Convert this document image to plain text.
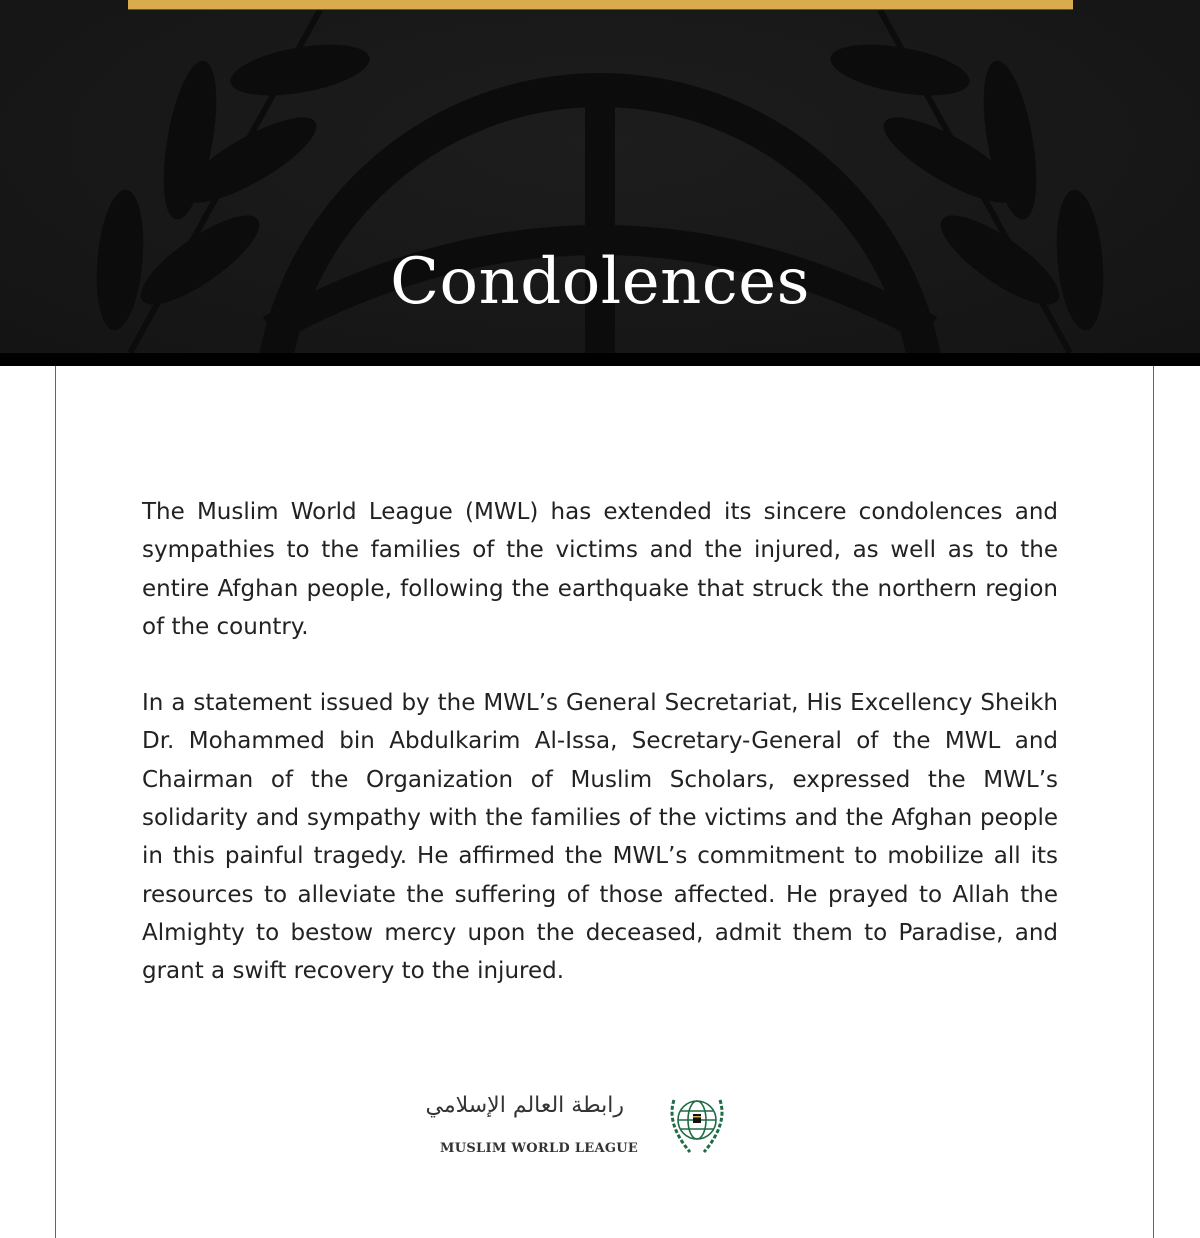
Condolences

The Muslim World League (MWL) has extended its sincere condolences and sympathies to the families of the victims and the injured, as well as to the entire Afghan people, following the earthquake that struck the northern region of the country.

In a statement issued by the MWL’s General Secretariat, His Excellency Sheikh Dr. Mohammed bin Abdulkarim Al-Issa, Secretary-General of the MWL and Chairman of the Organization of Muslim Scholars, expressed the MWL’s solidarity and sympathy with the families of the victims and the Afghan people in this painful tragedy. He affirmed the MWL’s commitment to mobilize all its resources to alleviate the suffering of those affected. He prayed to Allah the Almighty to bestow mercy upon the deceased, admit them to Paradise, and grant a swift recovery to the injured.

رابطة العالم الإسلامي
MUSLIM WORLD LEAGUE
